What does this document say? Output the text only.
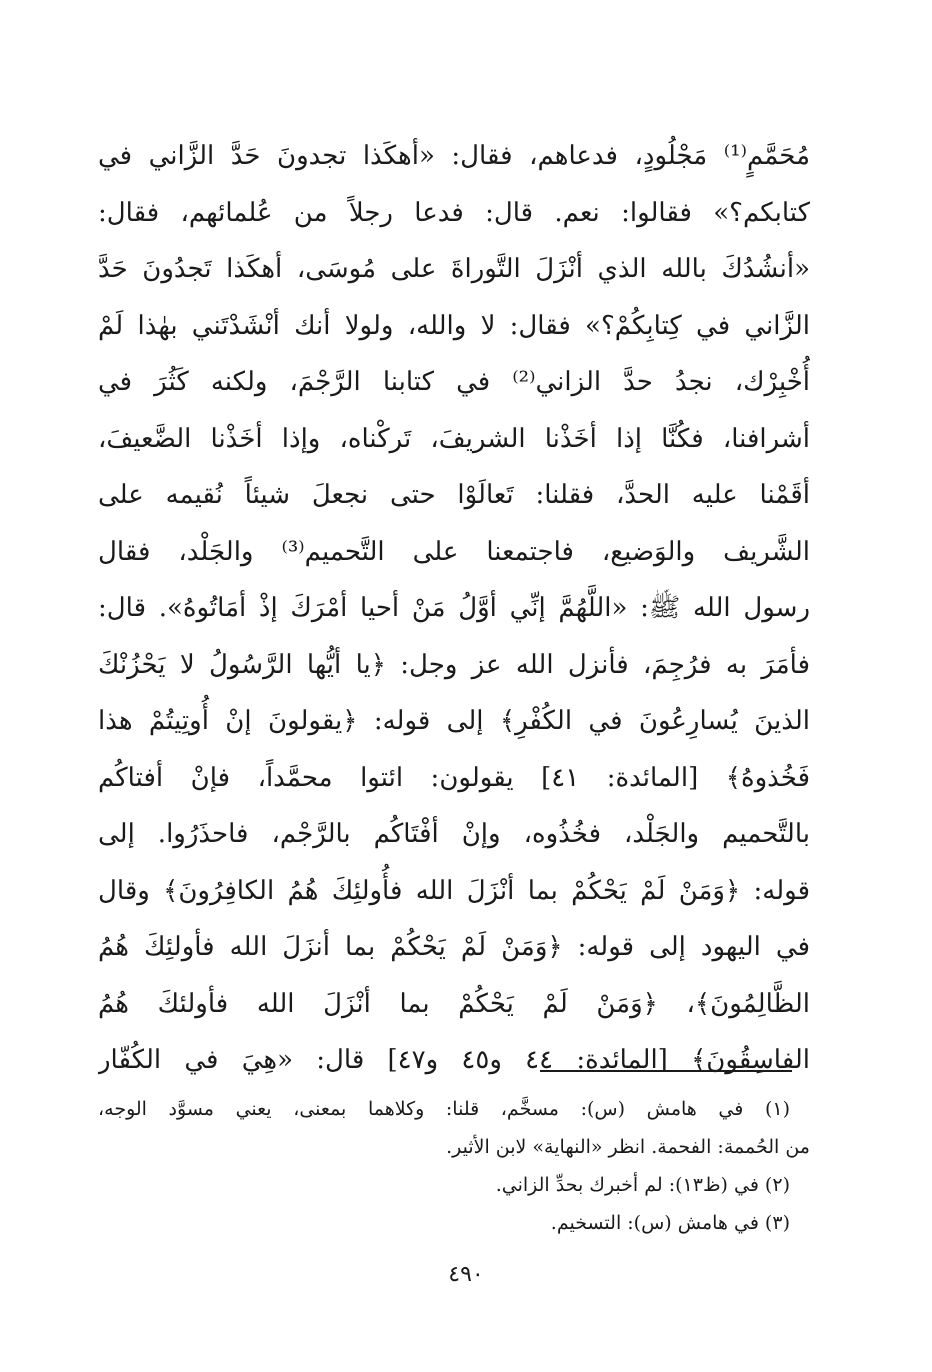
مُحَمَّمٍ⁽¹⁾ مَجْلُودٍ، فدعاهم، فقال: «أهكَذا تجدونَ حَدَّ الزَّاني في
كتابكم؟» فقالوا: نعم. قال: فدعا رجلاً من عُلمائهم، فقال:
«أنشُدُكَ بالله الذي أنْزَلَ التَّوراةَ على مُوسَى، أهكَذا تَجدُونَ حَدَّ
الزَّاني في كِتابِكُمْ؟» فقال: لا والله، ولولا أنك أنْشَدْتَني بهٰذا لَمْ
أُخْبِرْك، نجدُ حدَّ الزاني⁽²⁾ في كتابنا الرَّجْمَ، ولكنه كَثُرَ في
أشرافنا، فكُنَّا إذا أخَذْنا الشريفَ، تَركْناه، وإذا أخَذْنا الضَّعيفَ،
أقَمْنا عليه الحدَّ، فقلنا: تَعالَوْا حتى نجعلَ شيئاً نُقيمه على
الشَّريف والوَضيع، فاجتمعنا على التَّحميم⁽³⁾ والجَلْد، فقال
رسول الله ﷺ: «اللَّهُمَّ إنِّي أوَّلُ مَنْ أحيا أمْرَكَ إذْ أمَاتُوهُ». قال:
فأمَرَ به فرُجِمَ، فأنزل الله عز وجل: ﴿يا أيُّها الرَّسُولُ لا يَحْزُنْكَ
الذينَ يُسارِعُونَ في الكُفْرِ﴾ إلى قوله: ﴿يقولونَ إنْ أُوتِيتُمْ هذا
فَخُذوهُ﴾ [المائدة: ٤١] يقولون: ائتوا محمَّداً، فإنْ أفتاكُم
بالتَّحميم والجَلْد، فخُذُوه، وإنْ أفْتَاكُم بالرَّجْم، فاحذَرُوا. إلى
قوله: ﴿وَمَنْ لَمْ يَحْكُمْ بما أنْزَلَ الله فأُولئِكَ هُمُ الكافِرُونَ﴾ وقال
في اليهود إلى قوله: ﴿وَمَنْ لَمْ يَحْكُمْ بما أنزَلَ الله فأولئِكَ هُمُ
الظَّالِمُونَ﴾، ﴿وَمَنْ لَمْ يَحْكُمْ بما أنْزَلَ الله فأولئكَ هُمُ
الفاسِقُونَ﴾ [المائدة: ٤٤ و٤٥ و٤٧] قال: «هِيَ في الكُفّار
(١) في هامش (س): مسخَّم، قلنا: وكلاهما بمعنى، يعني مسوَّد الوجه،
من الحُممة: الفحمة. انظر «النهاية» لابن الأثير.
(٢) في (ظ١٣): لم أخبرك بحدِّ الزاني.
(٣) في هامش (س): التسخيم.
٤٩٠
